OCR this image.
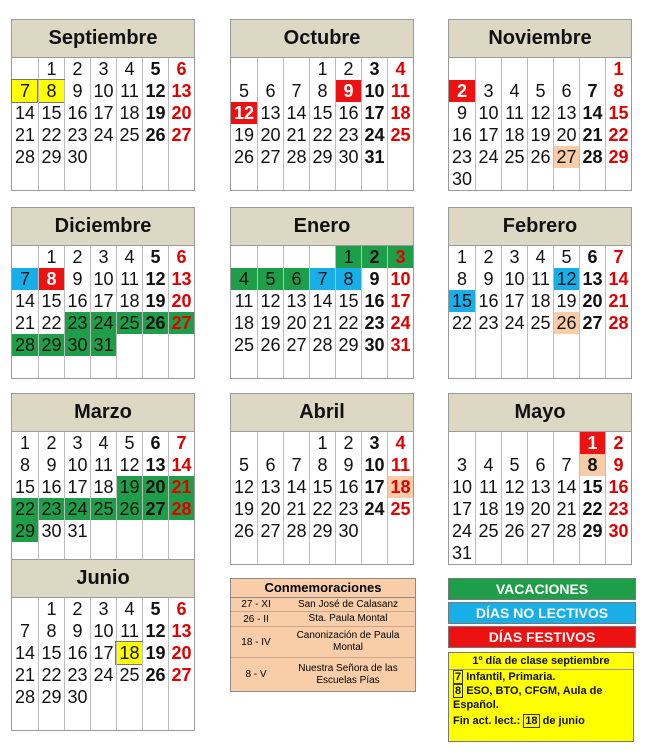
Septiembre
1 2 3 4 5 6
7 8 9 10 11 12 13
14 15 16 17 18 19 20
21 22 23 24 25 26 27
28 29 30
Octubre
1 2 3 4
5 6 7 8 9 10 11
12 13 14 15 16 17 18
19 20 21 22 23 24 25
26 27 28 29 30 31
Noviembre
1
2 3 4 5 6 7 8
9 10 11 12 13 14 15
16 17 18 19 20 21 22
23 24 25 26 27 28 29
30
Diciembre
1 2 3 4 5 6
7 8 9 10 11 12 13
14 15 16 17 18 19 20
21 22 23 24 25 26 27
28 29 30 31
Enero
1 2 3
4 5 6 7 8 9 10
11 12 13 14 15 16 17
18 19 20 21 22 23 24
25 26 27 28 29 30 31
Febrero
1 2 3 4 5 6 7
8 9 10 11 12 13 14
15 16 17 18 19 20 21
22 23 24 25 26 27 28
Marzo
1 2 3 4 5 6 7
8 9 10 11 12 13 14
15 16 17 18 19 20 21
22 23 24 25 26 27 28
29 30 31
Abril
1 2 3 4
5 6 7 8 9 10 11
12 13 14 15 16 17 18
19 20 21 22 23 24 25
26 27 28 29 30
Mayo
1 2
3 4 5 6 7 8 9
10 11 12 13 14 15 16
17 18 19 20 21 22 23
24 25 26 27 28 29 30
31
Junio
1 2 3 4 5 6
7 8 9 10 11 12 13
14 15 16 17 18 19 20
21 22 23 24 25 26 27
28 29 30
Conmemoraciones
27 - XI	San José de Calasanz
26 - II	Sta. Paula Montal
18 - IV
Canonización de Paula Montal
8 - V
Nuestra Señora de las Escuelas Pías
VACACIONES
DÍAS NO LECTIVOS
DÍAS FESTIVOS
1º día de clase septiembre
7 Infantil, Primaria.
8 ESO, BTO, CFGM, Aula de Español.
Fin act. lect.: 18 de junio
